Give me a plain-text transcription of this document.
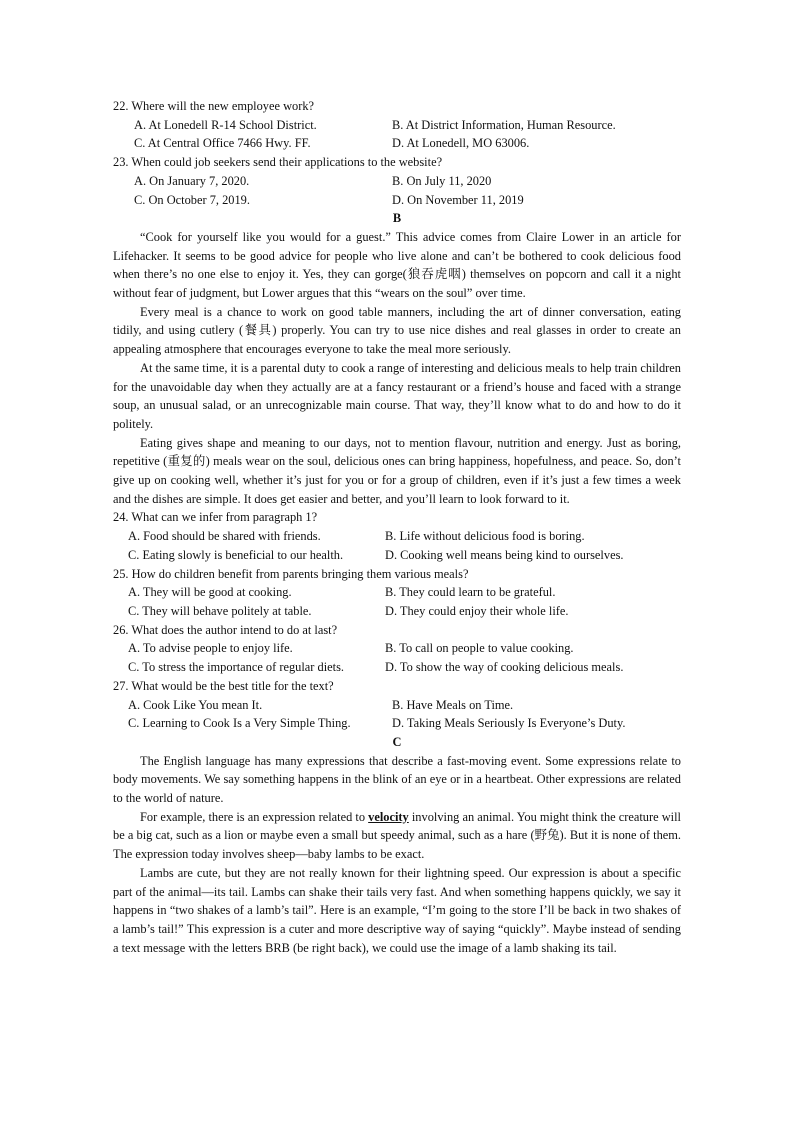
22. Where will the new employee work?

A. At Lonedell R-14 School District.	B. At District Information, Human Resource.
C. At Central Office 7466 Hwy. FF.	D. At Lonedell, MO 63006.

23. When could job seekers send their applications to the website?

A. On January 7, 2020.	B. On July 11, 2020
C. On October 7, 2019.	D. On November 11, 2019

B

“Cook for yourself like you would for a guest.” This advice comes from Claire Lower in an article for Lifehacker. It seems to be good advice for people who live alone and can’t be bothered to cook delicious food when there’s no one else to enjoy it. Yes, they can gorge(狼吞虎咽) themselves on popcorn and call it a night without fear of judgment, but Lower argues that this “wears on the soul” over time.

Every meal is a chance to work on good table manners, including the art of dinner conversation, eating tidily, and using cutlery (餐具) properly. You can try to use nice dishes and real glasses in order to create an appealing atmosphere that encourages everyone to take the meal more seriously.

At the same time, it is a parental duty to cook a range of interesting and delicious meals to help train children for the unavoidable day when they actually are at a fancy restaurant or a friend’s house and faced with a strange soup, an unusual salad, or an unrecognizable main course. That way, they’ll know what to do and how to do it politely.

Eating gives shape and meaning to our days, not to mention flavour, nutrition and energy. Just as boring, repetitive (重复的) meals wear on the soul, delicious ones can bring happiness, hopefulness, and peace. So, don’t give up on cooking well, whether it’s just for you or for a group of children, even if it’s just a few times a week and the dishes are simple. It does get easier and better, and you’ll learn to look forward to it.

24. What can we infer from paragraph 1?

A. Food should be shared with friends.	B. Life without delicious food is boring.
C. Eating slowly is beneficial to our health.	D. Cooking well means being kind to ourselves.

25. How do children benefit from parents bringing them various meals?

A. They will be good at cooking.	B. They could learn to be grateful.
C. They will behave politely at table.	D. They could enjoy their whole life.

26. What does the author intend to do at last?

A. To advise people to enjoy life.	B. To call on people to value cooking.
C. To stress the importance of regular diets.	D. To show the way of cooking delicious meals.

27. What would be the best title for the text?

A. Cook Like You mean It.	B. Have Meals on Time.
C. Learning to Cook Is a Very Simple Thing.	D. Taking Meals Seriously Is Everyone’s Duty.

C

The English language has many expressions that describe a fast-moving event. Some expressions relate to body movements. We say something happens in the blink of an eye or in a heartbeat. Other expressions are related to the world of nature.

For example, there is an expression related to velocity involving an animal. You might think the creature will be a big cat, such as a lion or maybe even a small but speedy animal, such as a hare (野兔). But it is none of them. The expression today involves sheep—baby lambs to be exact.

Lambs are cute, but they are not really known for their lightning speed. Our expression is about a specific part of the animal—its tail. Lambs can shake their tails very fast. And when something happens quickly, we say it happens in “two shakes of a lamb’s tail”. Here is an example, “I’m going to the store I’ll be back in two shakes of a lamb’s tail!” This expression is a cuter and more descriptive way of saying “quickly”. Maybe instead of sending a text message with the letters BRB (be right back), we could use the image of a lamb shaking its tail.
